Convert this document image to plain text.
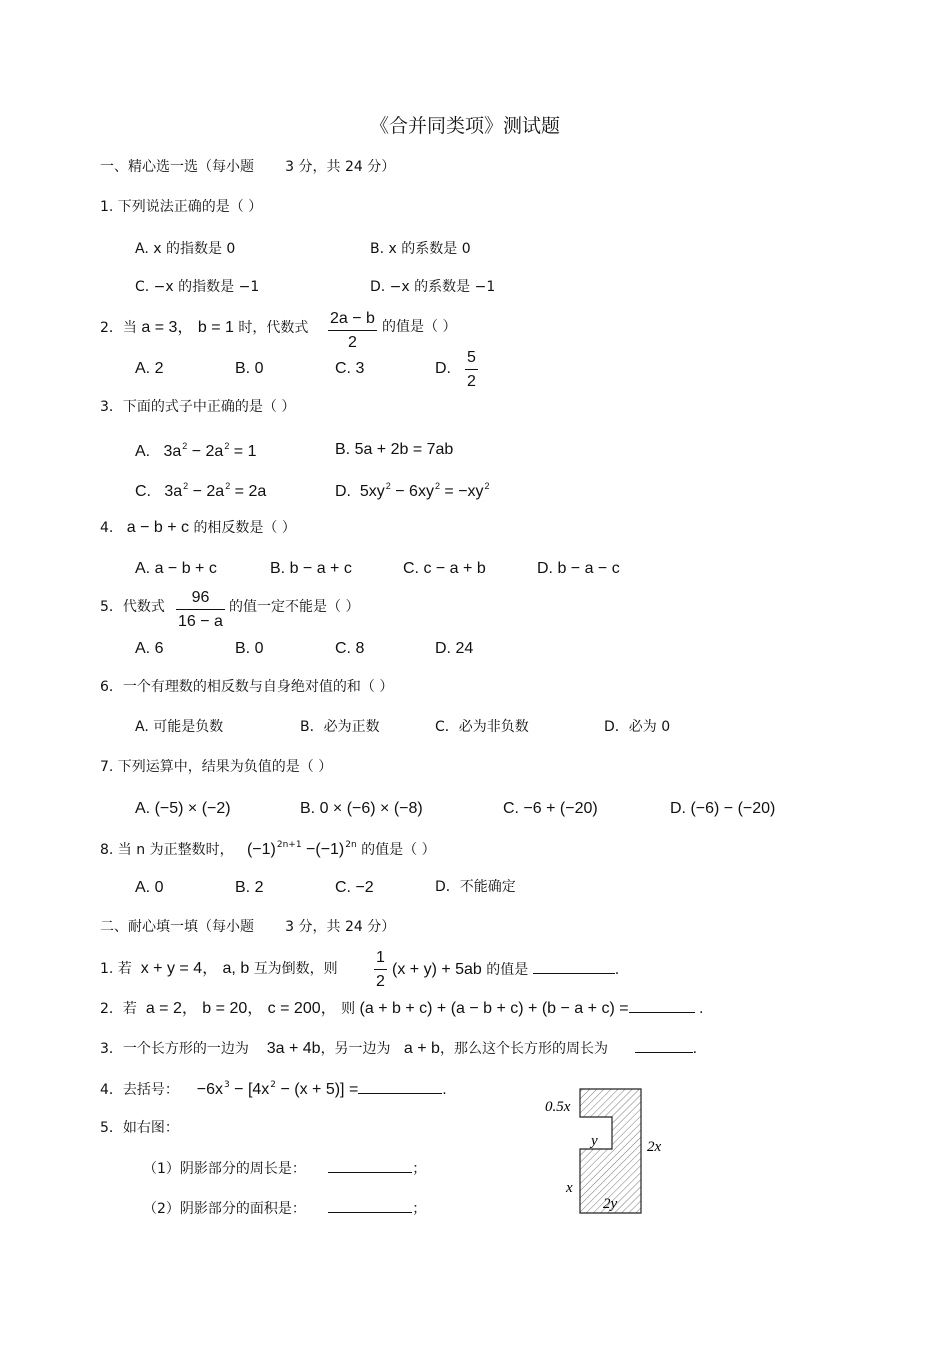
《合并同类项》测试题
一、精心选一选（每小题 3 分，共 24 分）
1. 下列说法正确的是（ ）
A. x 的指数是 0	B. x 的系数是 0
C. −x 的指数是 −1	D. −x 的系数是 −1
2．当 a = 3， b = 1 时，代数式
2a − b
2
的值是（ ）
A. 2	B. 0	C. 3	D.
5
2
3．下面的式子中正确的是（ ）
A. $3a^2 - 2a^2 = 1$	B. 5a + 2b = 7ab
C. $3a^2 - 2a^2 = 2a$	D. $5xy^2 - 6xy^2 = -xy^2$
4. a − b + c 的相反数是（ ）
A. a − b + c	B. b − a + c	C. c − a + b	D. b − a − c
5．代数式
96
16 − a
的值一定不能是（ ）
A. 6	B. 0	C. 8	D. 24
6．一个有理数的相反数与自身绝对值的和（ ）
A. 可能是负数	B．必为正数	C．必为非负数	D．必为 0
7. 下列运算中，结果为负值的是（ ）
A. (−5) × (−2)	B. 0 × (−6) × (−8)	C. −6 + (−20)	D. (−6) − (−20)
8. 当 n 为正整数时， $(-1)^{2n+1} -(-1)^{2n}$ 的值是（ ）
A. 0	B. 2	C. −2	D．不能确定
二、耐心填一填（每小题 3 分，共 24 分）
1. 若 x + y = 4， a, b 互为倒数，则
1
2
(x + y) + 5ab 的值是	.
2．若 a = 2， b = 20， c = 200， 则 (a + b + c) + (a − b + c) + (b − a + c) =	.
3．一个长方形的一边为 3a + 4b，另一边为 a + b，那么这个长方形的周长为	.
4．去括号： $-6x^3 - [4x^2 - (x + 5)]$ =	.
5．如右图：
（1）阴影部分的周长是：	；
（2）阴影部分的面积是：	；
0.5x
y	2x
x
2y
